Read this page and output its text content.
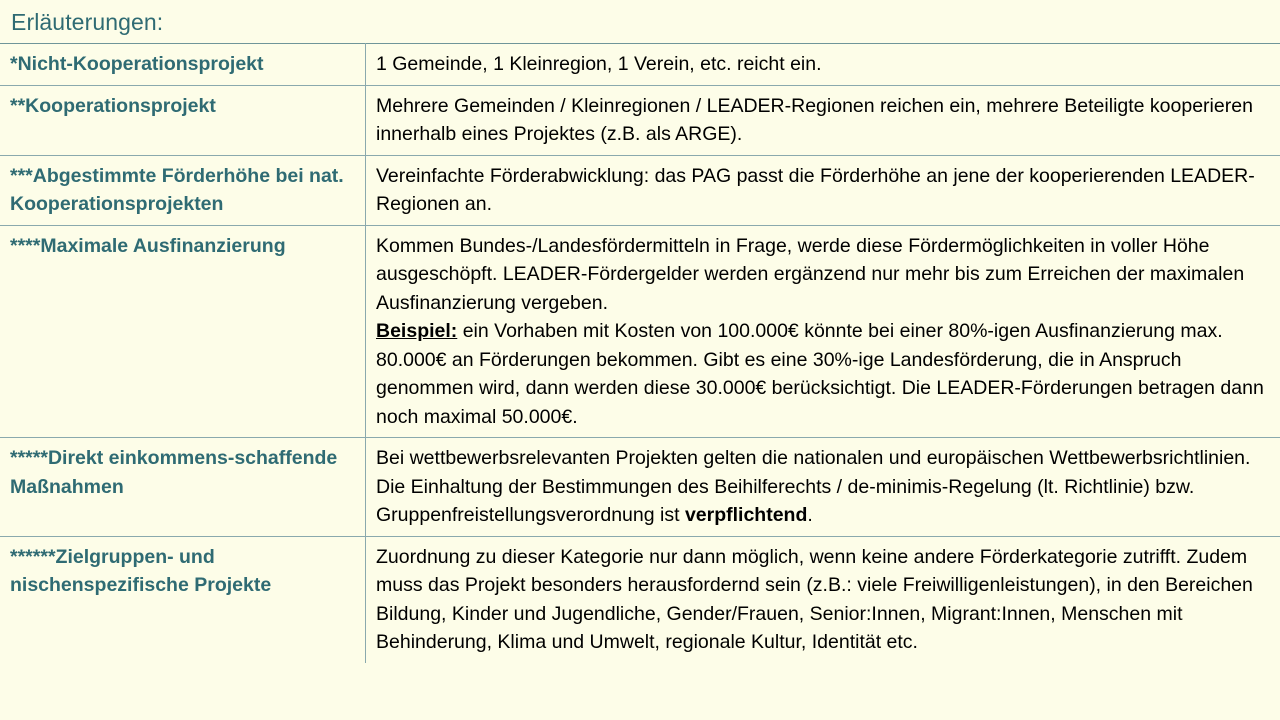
Erläuterungen:
*Nicht-Kooperationsprojekt	1 Gemeinde, 1 Kleinregion, 1 Verein, etc. reicht ein.
**Kooperationsprojekt	Mehrere Gemeinden / Kleinregionen / LEADER-Regionen reichen ein, mehrere Beteiligte kooperieren innerhalb eines Projektes (z.B. als ARGE).
***Abgestimmte Förderhöhe bei nat. Kooperationsprojekten	Vereinfachte Förderabwicklung: das PAG passt die Förderhöhe an jene der kooperierenden LEADER-Regionen an.
****Maximale Ausfinanzierung	Kommen Bundes-/Landesfördermitteln in Frage, werde diese Fördermöglichkeiten in voller Höhe ausgeschöpft. LEADER-Fördergelder werden ergänzend nur mehr bis zum Erreichen der maximalen Ausfinanzierung vergeben.
Beispiel: ein Vorhaben mit Kosten von 100.000€ könnte bei einer 80%-igen Ausfinanzierung max. 80.000€ an Förderungen bekommen. Gibt es eine 30%-ige Landesförderung, die in Anspruch genommen wird, dann werden diese 30.000€ berücksichtigt. Die LEADER-Förderungen betragen dann noch maximal 50.000€.
*****Direkt einkommens-schaffende Maßnahmen	Bei wettbewerbsrelevanten Projekten gelten die nationalen und europäischen Wettbewerbsrichtlinien. Die Einhaltung der Bestimmungen des Beihilferechts / de-minimis-Regelung (lt. Richtlinie) bzw. Gruppenfreistellungsverordnung ist verpflichtend.
******Zielgruppen- und nischenspezifische Projekte	Zuordnung zu dieser Kategorie nur dann möglich, wenn keine andere Förderkategorie zutrifft. Zudem muss das Projekt besonders herausfordernd sein (z.B.: viele Freiwilligenleistungen), in den Bereichen Bildung, Kinder und Jugendliche, Gender/Frauen, Senior:Innen, Migrant:Innen, Menschen mit Behinderung, Klima und Umwelt, regionale Kultur, Identität etc.
